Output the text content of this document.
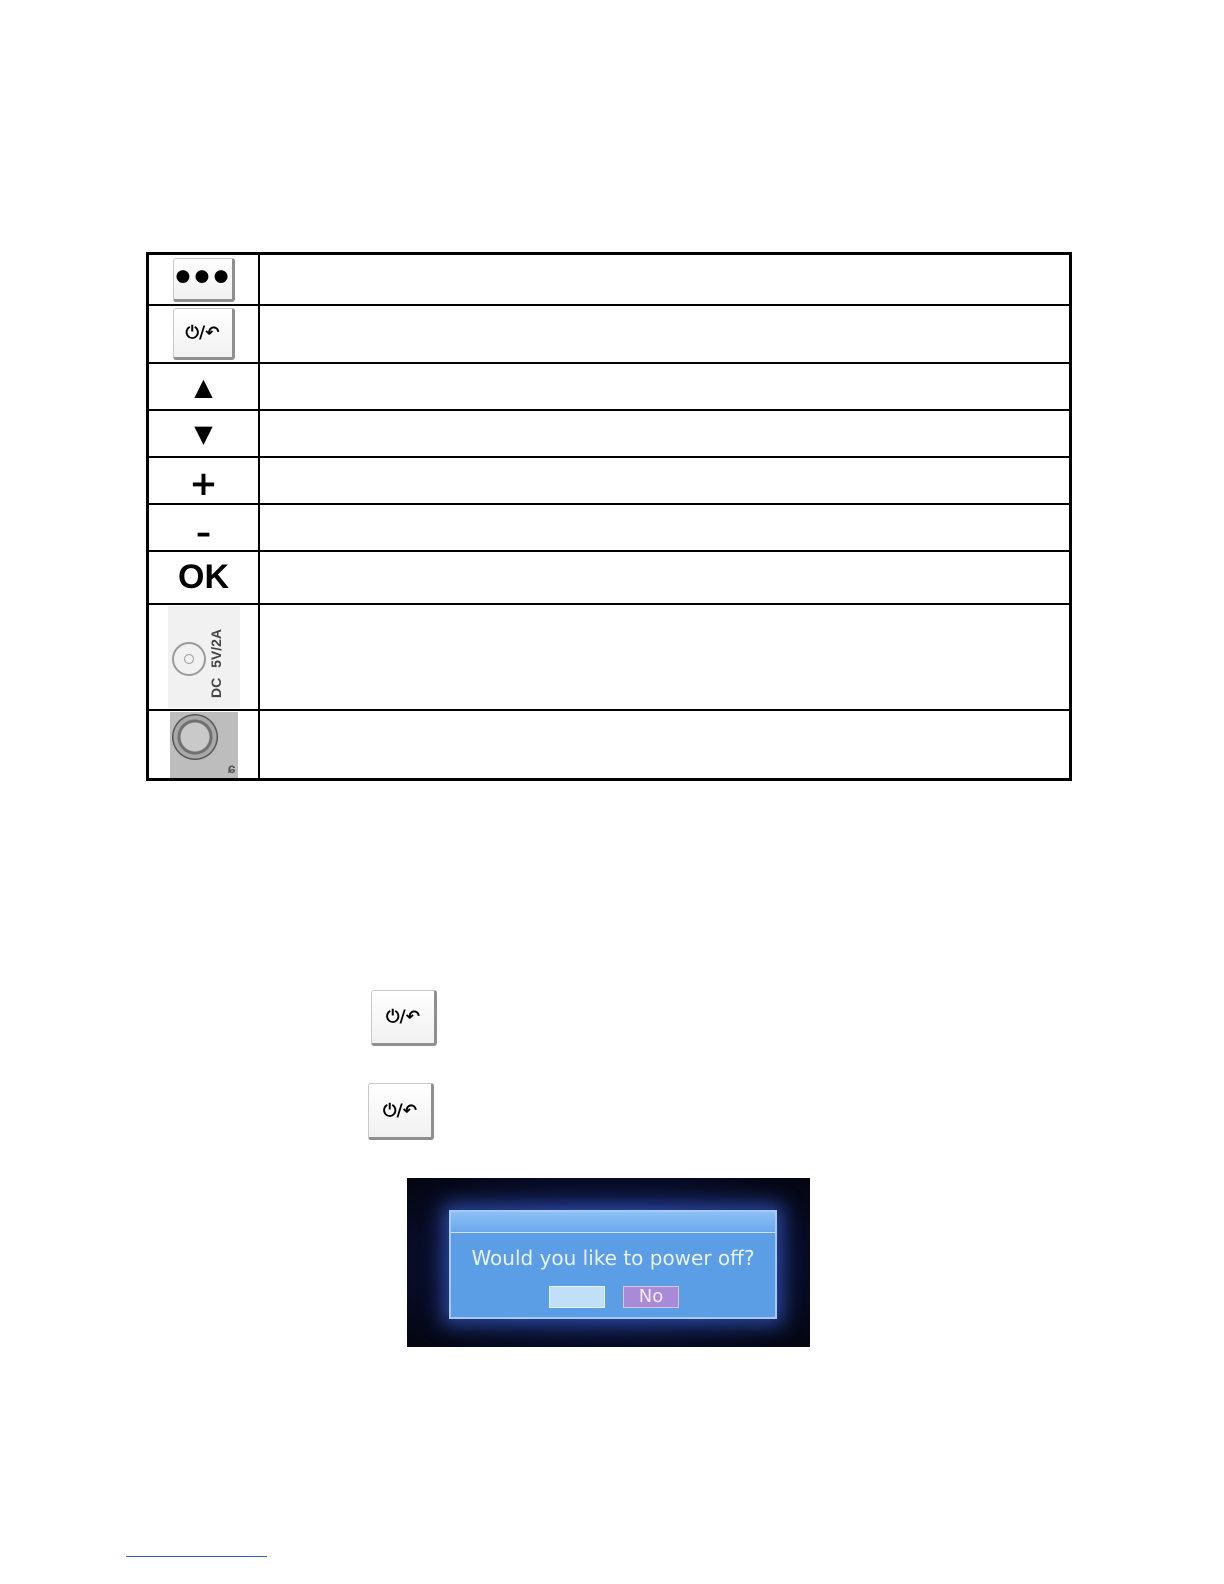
●●●
⏻/↶
▲
▼
+
–
OK
DC 5V/2A
ɕ
⏻/↶
⏻/↶
Would you like to power off?
No
